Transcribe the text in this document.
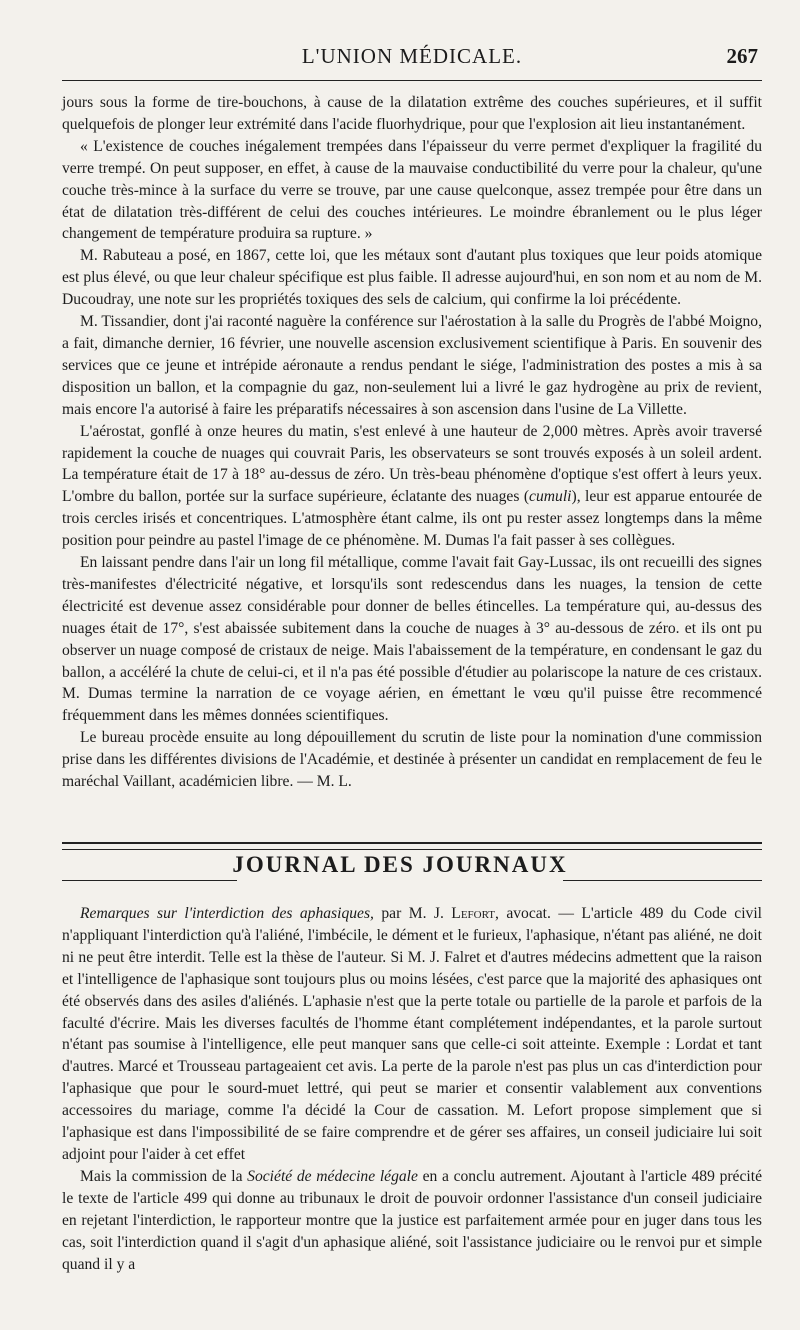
L'UNION MÉDICALE.	267

jours sous la forme de tire-bouchons, à cause de la dilatation extrême des couches supérieures, et il suffit quelquefois de plonger leur extrémité dans l'acide fluorhydrique, pour que l'explosion ait lieu instantanément.

« L'existence de couches inégalement trempées dans l'épaisseur du verre permet d'expliquer la fragilité du verre trempé. On peut supposer, en effet, à cause de la mauvaise conductibilité du verre pour la chaleur, qu'une couche très-mince à la surface du verre se trouve, par une cause quelconque, assez trempée pour être dans un état de dilatation très-différent de celui des couches intérieures. Le moindre ébranlement ou le plus léger changement de température produira sa rupture. »

M. Rabuteau a posé, en 1867, cette loi, que les métaux sont d'autant plus toxiques que leur poids atomique est plus élevé, ou que leur chaleur spécifique est plus faible. Il adresse aujourd'hui, en son nom et au nom de M. Ducoudray, une note sur les propriétés toxiques des sels de calcium, qui confirme la loi précédente.

M. Tissandier, dont j'ai raconté naguère la conférence sur l'aérostation à la salle du Progrès de l'abbé Moigno, a fait, dimanche dernier, 16 février, une nouvelle ascension exclusivement scientifique à Paris. En souvenir des services que ce jeune et intrépide aéronaute a rendus pendant le siége, l'administration des postes a mis à sa disposition un ballon, et la compagnie du gaz, non-seulement lui a livré le gaz hydrogène au prix de revient, mais encore l'a autorisé à faire les préparatifs nécessaires à son ascension dans l'usine de La Villette.

L'aérostat, gonflé à onze heures du matin, s'est enlevé à une hauteur de 2,000 mètres. Après avoir traversé rapidement la couche de nuages qui couvrait Paris, les observateurs se sont trouvés exposés à un soleil ardent. La température était de 17 à 18° au-dessus de zéro. Un très-beau phénomène d'optique s'est offert à leurs yeux. L'ombre du ballon, portée sur la surface supérieure, éclatante des nuages (cumuli), leur est apparue entourée de trois cercles irisés et concentriques. L'atmosphère étant calme, ils ont pu rester assez longtemps dans la même position pour peindre au pastel l'image de ce phénomène. M. Dumas l'a fait passer à ses collègues.

En laissant pendre dans l'air un long fil métallique, comme l'avait fait Gay-Lussac, ils ont recueilli des signes très-manifestes d'électricité négative, et lorsqu'ils sont redescendus dans les nuages, la tension de cette électricité est devenue assez considérable pour donner de belles étincelles. La température qui, au-dessus des nuages était de 17°, s'est abaissée subitement dans la couche de nuages à 3° au-dessous de zéro. et ils ont pu observer un nuage composé de cristaux de neige. Mais l'abaissement de la température, en condensant le gaz du ballon, a accéléré la chute de celui-ci, et il n'a pas été possible d'étudier au polariscope la nature de ces cristaux. M. Dumas termine la narration de ce voyage aérien, en émettant le vœu qu'il puisse être recommencé fréquemment dans les mêmes données scientifiques.

Le bureau procède ensuite au long dépouillement du scrutin de liste pour la nomination d'une commission prise dans les différentes divisions de l'Académie, et destinée à présenter un candidat en remplacement de feu le maréchal Vaillant, académicien libre. — M. L.

JOURNAL DES JOURNAUX

Remarques sur l'interdiction des aphasiques, par M. J. Lefort, avocat. — L'article 489 du Code civil n'appliquant l'interdiction qu'à l'aliéné, l'imbécile, le dément et le furieux, l'aphasique, n'étant pas aliéné, ne doit ni ne peut être interdit. Telle est la thèse de l'auteur. Si M. J. Falret et d'autres médecins admettent que la raison et l'intelligence de l'aphasique sont toujours plus ou moins lésées, c'est parce que la majorité des aphasiques ont été observés dans des asiles d'aliénés. L'aphasie n'est que la perte totale ou partielle de la parole et parfois de la faculté d'écrire. Mais les diverses facultés de l'homme étant complétement indépendantes, et la parole surtout n'étant pas soumise à l'intelligence, elle peut manquer sans que celle-ci soit atteinte. Exemple : Lordat et tant d'autres. Marcé et Trousseau partageaient cet avis. La perte de la parole n'est pas plus un cas d'interdiction pour l'aphasique que pour le sourd-muet lettré, qui peut se marier et consentir valablement aux conventions accessoires du mariage, comme l'a décidé la Cour de cassation. M. Lefort propose simplement que si l'aphasique est dans l'impossibilité de se faire comprendre et de gérer ses affaires, un conseil judiciaire lui soit adjoint pour l'aider à cet effet

Mais la commission de la Société de médecine légale en a conclu autrement. Ajoutant à l'article 489 précité le texte de l'article 499 qui donne au tribunaux le droit de pouvoir ordonner l'assistance d'un conseil judiciaire en rejetant l'interdiction, le rapporteur montre que la justice est parfaitement armée pour en juger dans tous les cas, soit l'interdiction quand il s'agit d'un aphasique aliéné, soit l'assistance judiciaire ou le renvoi pur et simple quand il y a
